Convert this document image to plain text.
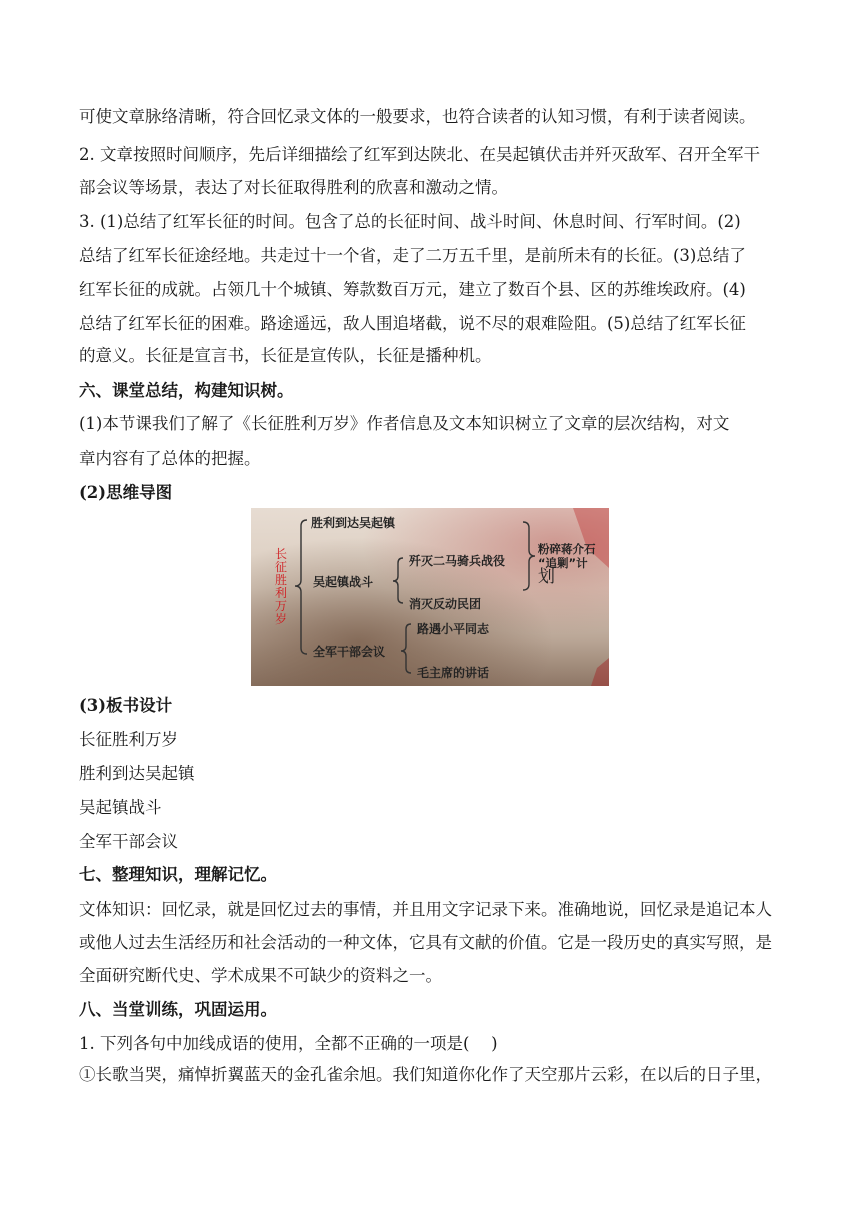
可使文章脉络清晰，符合回忆录文体的一般要求，也符合读者的认知习惯，有利于读者阅读。
2. 文章按照时间顺序，先后详细描绘了红军到达陕北、在吴起镇伏击并歼灭敌军、召开全军干
部会议等场景，表达了对长征取得胜利的欣喜和激动之情。
3. (1)总结了红军长征的时间。包含了总的长征时间、战斗时间、休息时间、行军时间。(2)
总结了红军长征途经地。共走过十一个省，走了二万五千里，是前所未有的长征。(3)总结了
红军长征的成就。占领几十个城镇、筹款数百万元，建立了数百个县、区的苏维埃政府。(4)
总结了红军长征的困难。路途遥远，敌人围追堵截，说不尽的艰难险阻。(5)总结了红军长征
的意义。长征是宣言书，长征是宣传队，长征是播种机。
六、课堂总结，构建知识树。
(1)本节课我们了解了《长征胜利万岁》作者信息及文本知识树立了文章的层次结构，对文
章内容有了总体的把握。
(2)思维导图
长征胜利万岁
胜利到达吴起镇
吴起镇战斗
歼灭二马骑兵战役
消灭反动民团
全军干部会议
路遇小平同志
毛主席的讲话
粉碎蒋介石
“追剿”计
划
(3)板书设计
长征胜利万岁
胜利到达吴起镇
吴起镇战斗
全军干部会议
七、整理知识，理解记忆。
文体知识：回忆录，就是回忆过去的事情，并且用文字记录下来。准确地说，回忆录是追记本人
或他人过去生活经历和社会活动的一种文体，它具有文献的价值。它是一段历史的真实写照，是
全面研究断代史、学术成果不可缺少的资料之一。
八、当堂训练，巩固运用。
1. 下列各句中加线成语的使用，全都不正确的一项是(　 )
①长歌当哭，痛悼折翼蓝天的金孔雀余旭。我们知道你化作了天空那片云彩，在以后的日子里，
